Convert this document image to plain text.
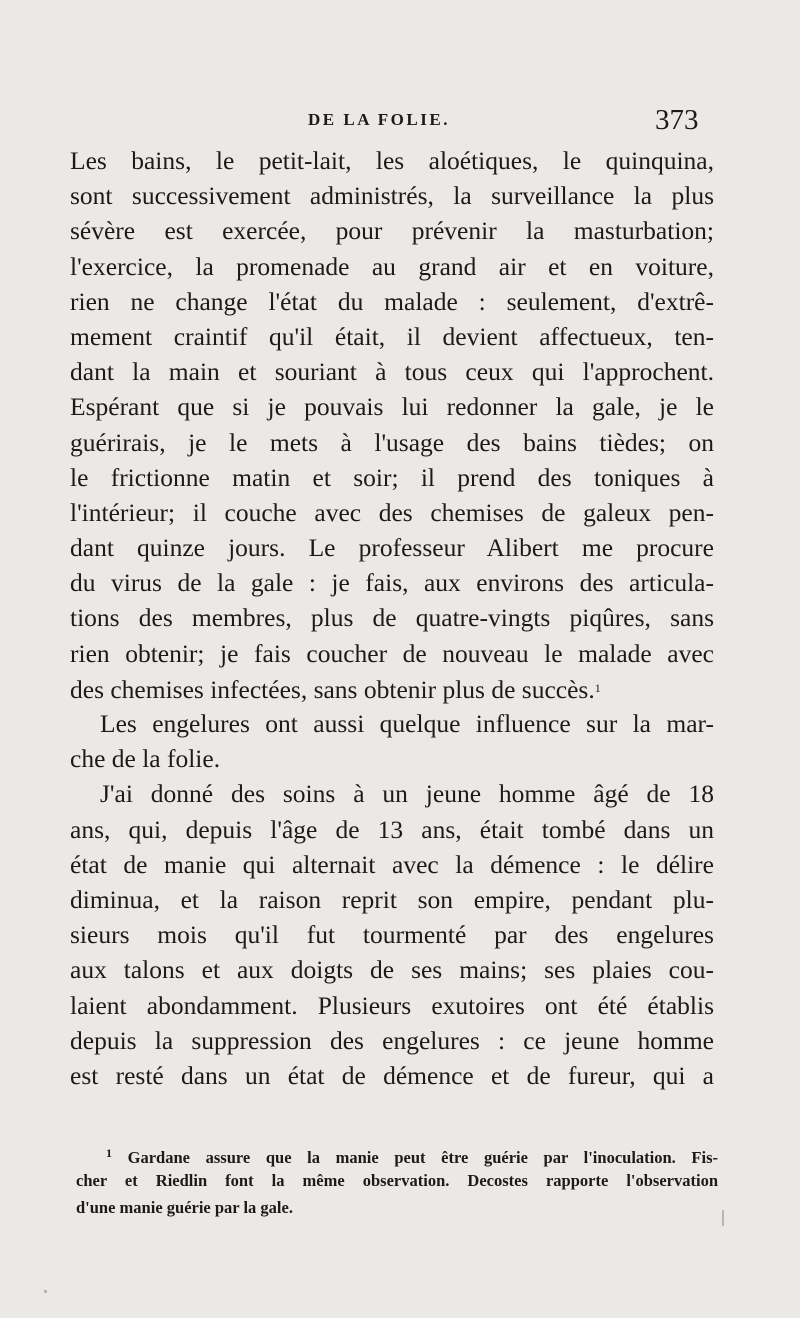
DE LA FOLIE.	373
Les bains, le petit-lait, les aloétiques, le quinquina,
sont successivement administrés, la surveillance la plus
sévère est exercée, pour prévenir la masturbation;
l'exercice, la promenade au grand air et en voiture,
rien ne change l'état du malade : seulement, d'extrê-
mement craintif qu'il était, il devient affectueux, ten-
dant la main et souriant à tous ceux qui l'approchent.
Espérant que si je pouvais lui redonner la gale, je le
guérirais, je le mets à l'usage des bains tièdes; on
le frictionne matin et soir; il prend des toniques à
l'intérieur; il couche avec des chemises de galeux pen-
dant quinze jours. Le professeur Alibert me procure
du virus de la gale : je fais, aux environs des articula-
tions des membres, plus de quatre-vingts piqûres, sans
rien obtenir; je fais coucher de nouveau le malade avec
des chemises infectées, sans obtenir plus de succès.$^1$
Les engelures ont aussi quelque influence sur la mar-
che de la folie.
J'ai donné des soins à un jeune homme âgé de 18
ans, qui, depuis l'âge de 13 ans, était tombé dans un
état de manie qui alternait avec la démence : le délire
diminua, et la raison reprit son empire, pendant plu-
sieurs mois qu'il fut tourmenté par des engelures
aux talons et aux doigts de ses mains; ses plaies cou-
laient abondamment. Plusieurs exutoires ont été établis
depuis la suppression des engelures : ce jeune homme
est resté dans un état de démence et de fureur, qui a
$^1$ Gardane assure que la manie peut être guérie par l'inoculation. Fis-
cher et Riedlin font la même observation. Decostes rapporte l'observation
d'une manie guérie par la gale.
